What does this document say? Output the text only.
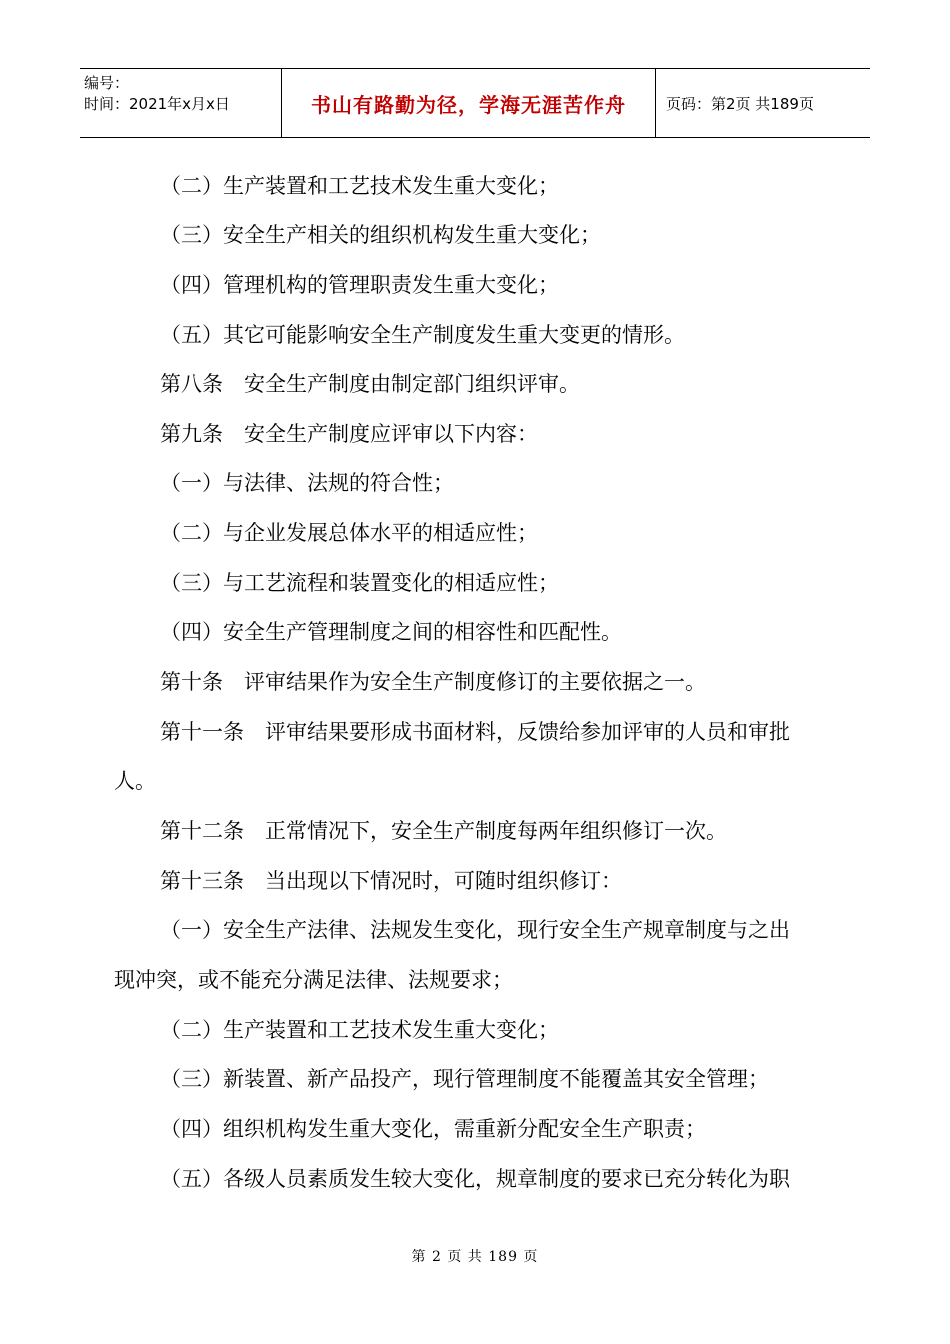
编号：
时间：2021年x月x日	书山有路勤为径，学海无涯苦作舟	页码：第2页 共189页
（二）生产装置和工艺技术发生重大变化；
（三）安全生产相关的组织机构发生重大变化；
（四）管理机构的管理职责发生重大变化；
（五）其它可能影响安全生产制度发生重大变更的情形。
第八条　安全生产制度由制定部门组织评审。
第九条　安全生产制度应评审以下内容：
（一）与法律、法规的符合性；
（二）与企业发展总体水平的相适应性；
（三）与工艺流程和装置变化的相适应性；
（四）安全生产管理制度之间的相容性和匹配性。
第十条　评审结果作为安全生产制度修订的主要依据之一。
第十一条　评审结果要形成书面材料，反馈给参加评审的人员和审批
人。
第十二条　正常情况下，安全生产制度每两年组织修订一次。
第十三条　当出现以下情况时，可随时组织修订：
（一）安全生产法律、法规发生变化，现行安全生产规章制度与之出
现冲突，或不能充分满足法律、法规要求；
（二）生产装置和工艺技术发生重大变化；
（三）新装置、新产品投产，现行管理制度不能覆盖其安全管理；
（四）组织机构发生重大变化，需重新分配安全生产职责；
（五）各级人员素质发生较大变化，规章制度的要求已充分转化为职
第 2 页 共 189 页
